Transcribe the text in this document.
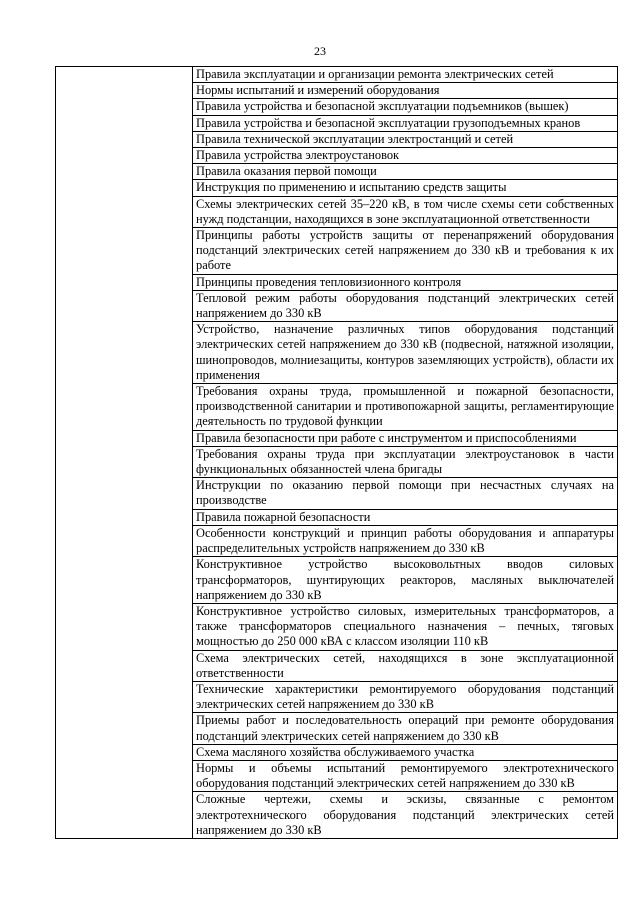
23
	Правила эксплуатации и организации ремонта электрических сетей
Нормы испытаний и измерений оборудования
Правила устройства и безопасной эксплуатации подъемников (вышек)
Правила устройства и безопасной эксплуатации грузоподъемных кранов
Правила технической эксплуатации электростанций и сетей
Правила устройства электроустановок
Правила оказания первой помощи
Инструкция по применению и испытанию средств защиты
Схемы электрических сетей 35–220 кВ, в том числе схемы сети собственных нужд подстанции, находящихся в зоне эксплуатационной ответственности
Принципы работы устройств защиты от перенапряжений оборудования подстанций электрических сетей напряжением до 330 кВ и требования к их работе
Принципы проведения тепловизионного контроля
Тепловой режим работы оборудования подстанций электрических сетей напряжением до 330 кВ
Устройство, назначение различных типов оборудования подстанций электрических сетей напряжением до 330 кВ (подвесной, натяжной изоляции, шинопроводов, молниезащиты, контуров заземляющих устройств), области их применения
Требования охраны труда, промышленной и пожарной безопасности, производственной санитарии и противопожарной защиты, регламентирующие деятельность по трудовой функции
Правила безопасности при работе с инструментом и приспособлениями
Требования охраны труда при эксплуатации электроустановок в части функциональных обязанностей члена бригады
Инструкции по оказанию первой помощи при несчастных случаях на производстве
Правила пожарной безопасности
Особенности конструкций и принцип работы оборудования и аппаратуры распределительных устройств напряжением до 330 кВ
Конструктивное устройство высоковольтных вводов силовых трансформаторов, шунтирующих реакторов, масляных выключателей напряжением до 330 кВ
Конструктивное устройство силовых, измерительных трансформаторов, а также трансформаторов специального назначения – печных, тяговых мощностью до 250 000 кВА с классом изоляции 110 кВ
Схема электрических сетей, находящихся в зоне эксплуатационной ответственности
Технические характеристики ремонтируемого оборудования подстанций электрических сетей напряжением до 330 кВ
Приемы работ и последовательность операций при ремонте оборудования подстанций электрических сетей напряжением до 330 кВ
Схема масляного хозяйства обслуживаемого участка
Нормы и объемы испытаний ремонтируемого электротехнического оборудования подстанций электрических сетей напряжением до 330 кВ
Сложные чертежи, схемы и эскизы, связанные с ремонтом электротехнического оборудования подстанций электрических сетей напряжением до 330 кВ
